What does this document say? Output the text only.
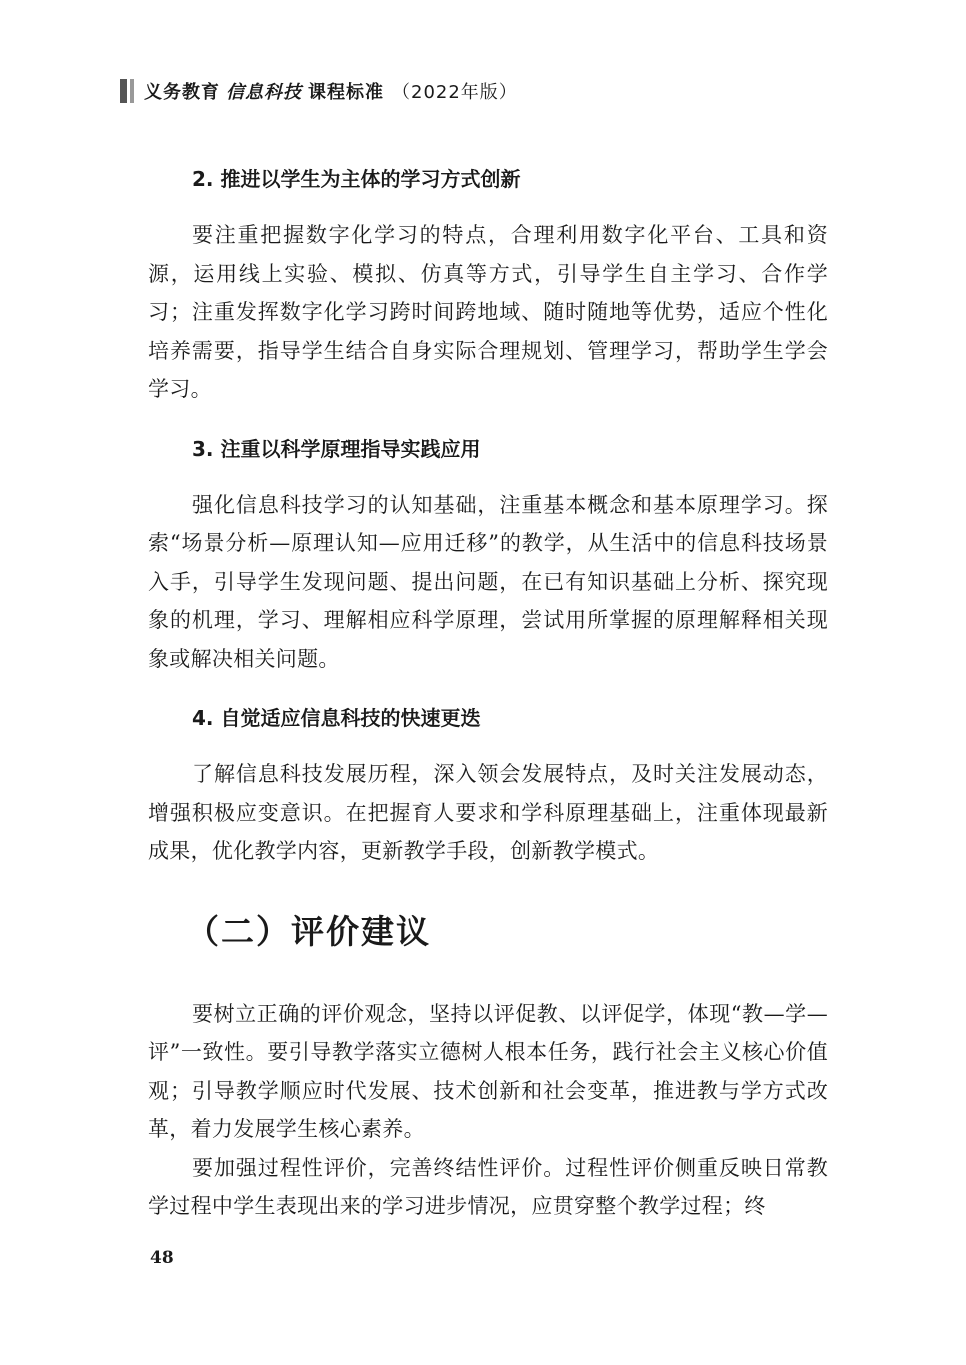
义务教育 信息科技 课程标准 （2022年版）
2. 推进以学生为主体的学习方式创新

要注重把握数字化学习的特点，合理利用数字化平台、工具和资源，运用线上实验、模拟、仿真等方式，引导学生自主学习、合作学习；注重发挥数字化学习跨时间跨地域、随时随地等优势，适应个性化培养需要，指导学生结合自身实际合理规划、管理学习，帮助学生学会学习。

3. 注重以科学原理指导实践应用

强化信息科技学习的认知基础，注重基本概念和基本原理学习。探索“场景分析—原理认知—应用迁移”的教学，从生活中的信息科技场景入手，引导学生发现问题、提出问题，在已有知识基础上分析、探究现象的机理，学习、理解相应科学原理，尝试用所掌握的原理解释相关现象或解决相关问题。

4. 自觉适应信息科技的快速更迭

了解信息科技发展历程，深入领会发展特点，及时关注发展动态，增强积极应变意识。在把握育人要求和学科原理基础上，注重体现最新成果，优化教学内容，更新教学手段，创新教学模式。

（二）评价建议

要树立正确的评价观念，坚持以评促教、以评促学，体现“教—学—评”一致性。要引导教学落实立德树人根本任务，践行社会主义核心价值观；引导教学顺应时代发展、技术创新和社会变革，推进教与学方式改革，着力发展学生核心素养。

要加强过程性评价，完善终结性评价。过程性评价侧重反映日常教学过程中学生表现出来的学习进步情况，应贯穿整个教学过程；终

48
